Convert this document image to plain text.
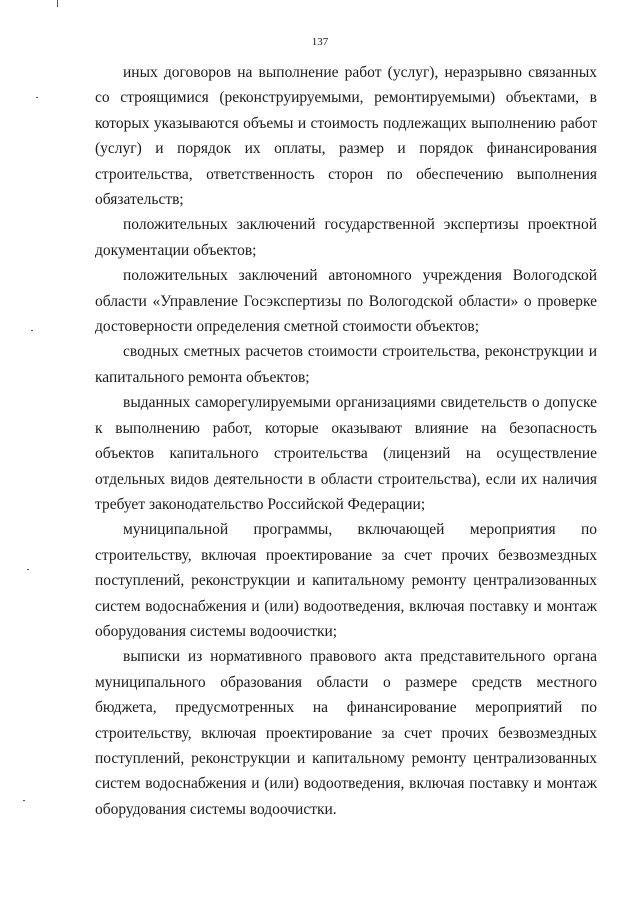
137

иных договоров на выполнение работ (услуг), неразрывно связанных со строящимися (реконструируемыми, ремонтируемыми) объектами, в которых указываются объемы и стоимость подлежащих выполнению работ (услуг) и порядок их оплаты, размер и порядок финансирования строительства, ответственность сторон по обеспечению выполнения обязательств;

положительных заключений государственной экспертизы проектной документации объектов;

положительных заключений автономного учреждения Вологодской области «Управление Госэкспертизы по Вологодской области» о проверке достоверности определения сметной стоимости объектов;

сводных сметных расчетов стоимости строительства, реконструкции и капитального ремонта объектов;

выданных саморегулируемыми организациями свидетельств о допуске к выполнению работ, которые оказывают влияние на безопасность объектов капитального строительства (лицензий на осуществление отдельных видов деятельности в области строительства), если их наличия требует законодательство Российской Федерации;

муниципальной программы, включающей мероприятия по строительству, включая проектирование за счет прочих безвозмездных поступлений, реконструкции и капитальному ремонту централизованных систем водоснабжения и (или) водоотведения, включая поставку и монтаж оборудования системы водоочистки;

выписки из нормативного правового акта представительного органа муниципального образования области о размере средств местного бюджета, предусмотренных на финансирование мероприятий по строительству, включая проектирование за счет прочих безвозмездных поступлений, реконструкции и капитальному ремонту централизованных систем водоснабжения и (или) водоотведения, включая поставку и монтаж оборудования системы водоочистки.
